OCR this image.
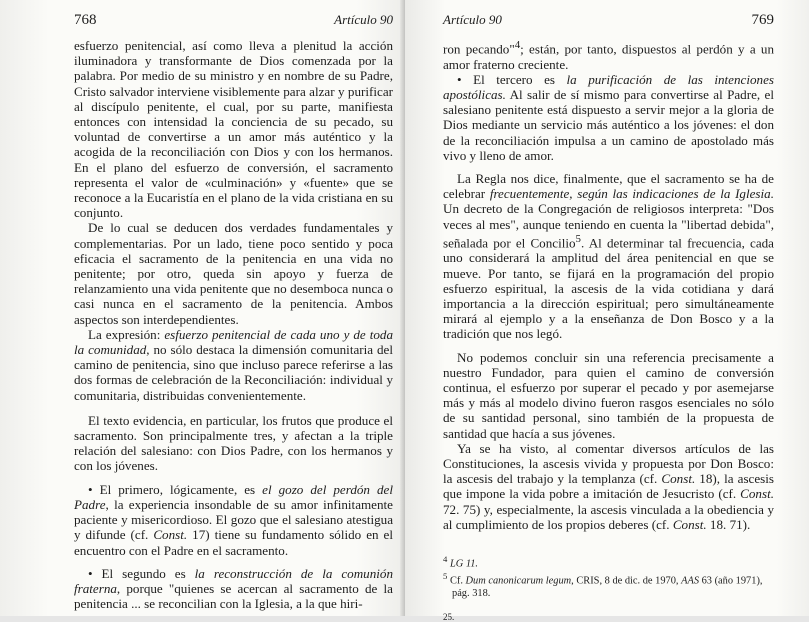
768	Artículo 90

esfuerzo penitencial, así como lleva a plenitud la acción iluminadora y transformante de Dios comenzada por la palabra. Por medio de su ministro y en nombre de su Padre, Cristo salvador interviene visiblemente para alzar y purificar al discípulo penitente, el cual, por su parte, manifiesta entonces con intensidad la conciencia de su pecado, su voluntad de convertirse a un amor más auténtico y la acogida de la reconciliación con Dios y con los hermanos. En el plano del esfuerzo de conversión, el sacramento representa el valor de «culminación» y «fuente» que se reconoce a la Eucaristía en el plano de la vida cristiana en su conjunto.

De lo cual se deducen dos verdades fundamentales y complementarias. Por un lado, tiene poco sentido y poca eficacia el sacramento de la penitencia en una vida no penitente; por otro, queda sin apoyo y fuerza de relanzamiento una vida penitente que no desemboca nunca o casi nunca en el sacramento de la penitencia. Ambos aspectos son interdependientes.

La expresión: esfuerzo penitencial de cada uno y de toda la comunidad, no sólo destaca la dimensión comunitaria del camino de penitencia, sino que incluso parece referirse a las dos formas de celebración de la Reconciliación: individual y comunitaria, distribuidas convenientemente.

El texto evidencia, en particular, los frutos que produce el sacramento. Son principalmente tres, y afectan a la triple relación del salesiano: con Dios Padre, con los hermanos y con los jóvenes.

• El primero, lógicamente, es el gozo del perdón del Padre, la experiencia insondable de su amor infinitamente paciente y misericordioso. El gozo que el salesiano atestigua y difunde (cf. Const. 17) tiene su fundamento sólido en el encuentro con el Padre en el sacramento.

• El segundo es la reconstrucción de la comunión fraterna, porque "quienes se acercan al sacramento de la penitencia ... se reconcilian con la Iglesia, a la que hiri-

Artículo 90	769

ron pecando"$^4$; están, por tanto, dispuestos al perdón y a un amor fraterno creciente.

• El tercero es la purificación de las intenciones apostólicas. Al salir de sí mismo para convertirse al Padre, el salesiano penitente está dispuesto a servir mejor a la gloria de Dios mediante un servicio más auténtico a los jóvenes: el don de la reconciliación impulsa a un camino de apostolado más vivo y lleno de amor.

La Regla nos dice, finalmente, que el sacramento se ha de celebrar frecuentemente, según las indicaciones de la Iglesia. Un decreto de la Congregación de religiosos interpreta: "Dos veces al mes", aunque teniendo en cuenta la "libertad debida", señalada por el Concilio$^5$. Al determinar tal frecuencia, cada uno considerará la amplitud del área penitencial en que se mueve. Por tanto, se fijará en la programación del propio esfuerzo espiritual, la ascesis de la vida cotidiana y dará importancia a la dirección espiritual; pero simultáneamente mirará al ejemplo y a la enseñanza de Don Bosco y a la tradición que nos legó.

No podemos concluir sin una referencia precisamente a nuestro Fundador, para quien el camino de conversión continua, el esfuerzo por superar el pecado y por asemejarse más y más al modelo divino fueron rasgos esenciales no sólo de su santidad personal, sino también de la propuesta de santidad que hacía a sus jóvenes.

Ya se ha visto, al comentar diversos artículos de las Constituciones, la ascesis vivida y propuesta por Don Bosco: la ascesis del trabajo y la templanza (cf. Const. 18), la ascesis que impone la vida pobre a imitación de Jesucristo (cf. Const. 72. 75) y, especialmente, la ascesis vinculada a la obediencia y al cumplimiento de los propios deberes (cf. Const. 18. 71).

$^4$ LG 11.
$^5$ Cf. Dum canonicarum legum, CRIS, 8 de dic. de 1970, AAS 63 (año 1971), pág. 318.
25.
